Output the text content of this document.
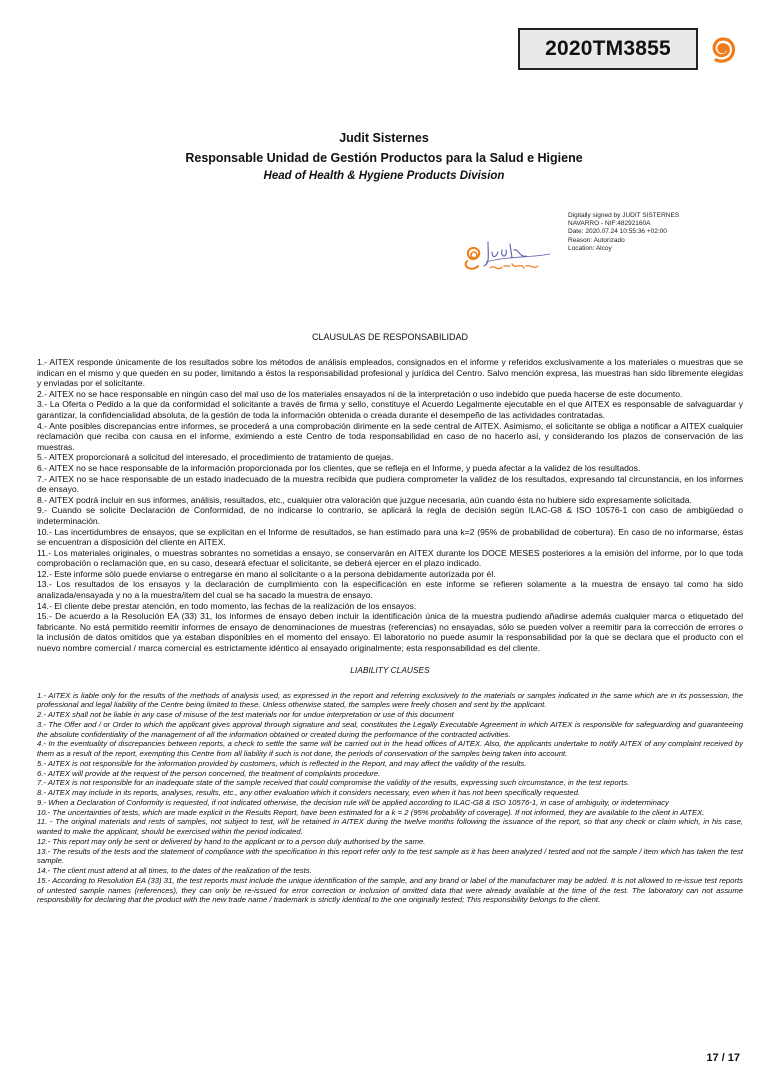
2020TM3855

Judit Sisternes

Responsable Unidad de Gestión Productos para la Salud e Higiene

Head of Health & Hygiene Products Division

Digitally signed by JUDIT SISTERNES
NAVARRO - NIF:48292160A
Date: 2020.07.24 10:55:36 +02:00
Reason: Autorizado
Location: Alcoy
CLAUSULAS DE RESPONSABILIDAD

1.- AITEX responde únicamente de los resultados sobre los métodos de análisis empleados, consignados en el informe y referidos exclusivamente a los materiales o muestras que se indican en el mismo y que queden en su poder, limitando a éstos la responsabilidad profesional y jurídica del Centro. Salvo mención expresa, las muestras han sido libremente elegidas y enviadas por el solicitante.

2.- AITEX no se hace responsable en ningún caso del mal uso de los materiales ensayados ni de la interpretación o uso indebido que pueda hacerse de este documento.

3.- La Oferta o Pedido a la que da conformidad el solicitante a través de firma y sello, constituye el Acuerdo Legalmente ejecutable en el que AITEX es responsable de salvaguardar y garantizar, la confidencialidad absoluta, de la gestión de toda la información obtenida o creada durante el desempeño de las actividades contratadas.

4.- Ante posibles discrepancias entre informes, se procederá a una comprobación dirimente en la sede central de AITEX. Asimismo, el solicitante se obliga a notificar a AITEX cualquier reclamación que reciba con causa en el informe, eximiendo a este Centro de toda responsabilidad en caso de no hacerlo así, y considerando los plazos de conservación de las muestras.

5.- AITEX proporcionará a solicitud del interesado, el procedimiento de tratamiento de quejas.

6.- AITEX no se hace responsable de la información proporcionada por los clientes, que se refleja en el Informe, y pueda afectar a la validez de los resultados.

7.- AITEX no se hace responsable de un estado inadecuado de la muestra recibida que pudiera comprometer la validez de los resultados, expresando tal circunstancia, en los informes de ensayo.

8.- AITEX podrá incluir en sus informes, análisis, resultados, etc., cualquier otra valoración que juzgue necesaria, aún cuando ésta no hubiere sido expresamente solicitada.

9.- Cuando se solicite Declaración de Conformidad, de no indicarse lo contrario, se aplicará la regla de decisión según ILAC-G8 & ISO 10576-1 con caso de ambigüedad o indeterminación.

10.- Las incertidumbres de ensayos, que se explicitan en el Informe de resultados, se han estimado para una k=2 (95% de probabilidad de cobertura). En caso de no informarse, éstas se encuentran a disposición del cliente en AITEX.

11.- Los materiales originales, o muestras sobrantes no sometidas a ensayo, se conservarán en AITEX durante los DOCE MESES posteriores a la emisión del informe, por lo que toda comprobación o reclamación que, en su caso, deseará efectuar el solicitante, se deberá ejercer en el plazo indicado.

12.- Este informe sólo puede enviarse o entregarse en mano al solicitante o a la persona debidamente autorizada por él.

13.- Los resultados de los ensayos y la declaración de cumplimiento con la especificación en este informe se refieren solamente a la muestra de ensayo tal como ha sido analizada/ensayada y no a la muestra/item del cual se ha sacado la muestra de ensayo.

14.- El cliente debe prestar atención, en todo momento, las fechas de la realización de los ensayos.

15.- De acuerdo a la Resolución EA (33) 31, los informes de ensayo deben incluir la identificación única de la muestra pudiendo añadirse además cualquier marca o etiquetado del fabricante. No está permitido reemitir informes de ensayo de denominaciones de muestras (referencias) no ensayadas, sólo se pueden volver a reemitir para la corrección de errores o la inclusión de datos omitidos que ya estaban disponibles en el momento del ensayo. El laboratorio no puede asumir la responsabilidad por la que se declara que el producto con el nuevo nombre comercial / marca comercial es estrictamente idéntico al ensayado originalmente; esta responsabilidad es del cliente.

LIABILITY CLAUSES

1.- AITEX is liable only for the results of the methods of analysis used, as expressed in the report and referring exclusively to the materials or samples indicated in the same which are in its possession, the professional and legal liability of the Centre being limited to these. Unless otherwise stated, the samples were freely chosen and sent by the applicant.

2.- AITEX shall not be liable in any case of misuse of the test materials nor for undue interpretation or use of this document

3.- The Offer and / or Order to which the applicant gives approval through signature and seal, constitutes the Legally Executable Agreement in which AITEX is responsible for safeguarding and guaranteeing the absolute confidentiality of the management of all the information obtained or created during the performance of the contracted activities.

4.- In the eventuality of discrepancies between reports, a check to settle the same will be carried out in the head offices of AITEX. Also, the applicants undertake to notify AITEX of any complaint received by them as a result of the report, exempting this Centre from all liability if such is not done, the periods of conservation of the samples being taken into account.

5.- AITEX is not responsible for the information provided by customers, which is reflected in the Report, and may affect the validity of the results.

6.- AITEX will provide at the request of the person concerned, the treatment of complaints procedure.

7.- AITEX is not responsible for an inadequate state of the sample received that could compromise the validity of the results, expressing such circumstance, in the test reports.

8.- AITEX may include in its reports, analyses, results, etc., any other evaluation which it considers necessary, even when it has not been specifically requested.

9.- When a Declaration of Conformity is requested, if not indicated otherwise, the decision rule will be applied according to ILAC-G8 & ISO 10576-1, in case of ambiguity, or indeterminacy

10.- The uncertainties of tests, which are made explicit in the Results Report, have been estimated for a k = 2 (95% probability of coverage). If not informed, they are available to the client in AITEX.

11. - The original materials and rests of samples, not subject to test, will be retained in AITEX during the twelve months following the issuance of the report, so that any check or claim which, in his case, wanted to make the applicant, should be exercised within the period indicated.

12.- This report may only be sent or delivered by hand to the applicant or to a person duly authorised by the same.

13.- The results of the tests and the statement of compliance with the specification in this report refer only to the test sample as it has been analyzed / tested and not the sample / item which has taken the test sample.

14.- The client must attend at all times, to the dates of the realization of the tests.

15.- According to Resolution EA (33) 31, the test reports must include the unique identification of the sample, and any brand or label of the manufacturer may be added. It is not allowed to re-issue test reports of untested sample names (references), they can only be re-issued for error correction or inclusion of omitted data that were already available at the time of the test. The laboratory can not assume responsibility for declaring that the product with the new trade name / trademark is strictly identical to the one originally tested; This responsibility belongs to the client.

17 / 17
